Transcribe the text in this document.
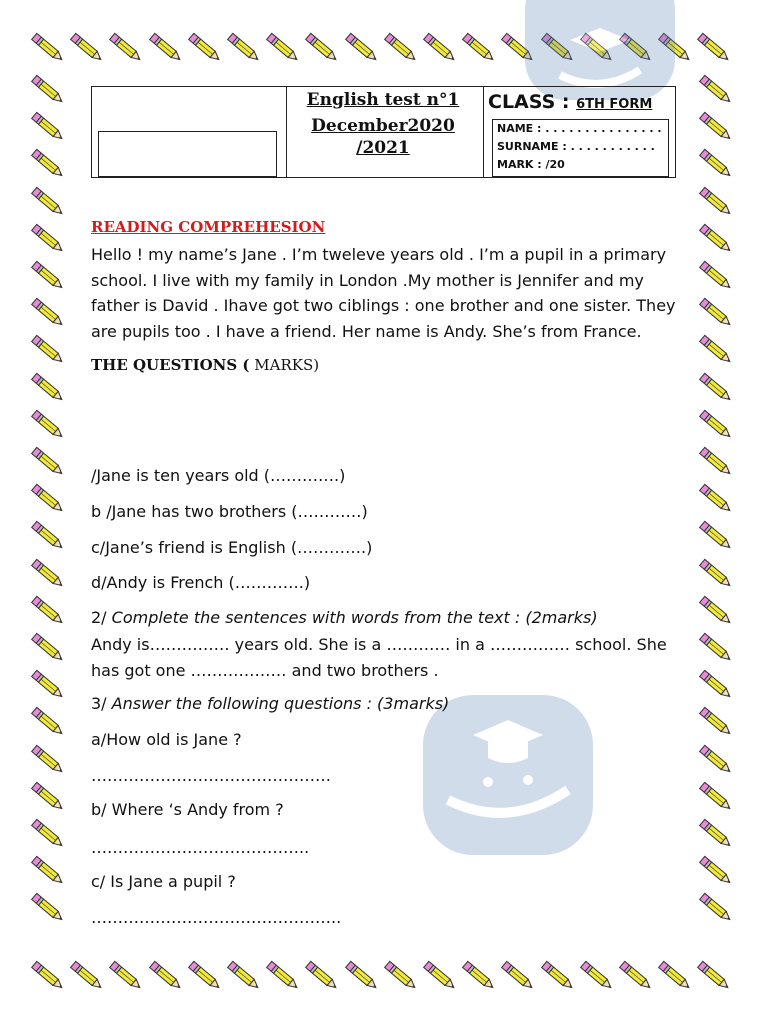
English test n°1
December2020 /2021
CLASS : 6TH FORM
NAME : . . . . . . . . . . . . . . .
SURNAME : . . . . . . . . . . .
MARK : /20
READING COMPREHESION

Hello ! my name’s Jane . I’m tweleve years old . I’m a pupil in a primary school. I live with my family in London .My mother is Jennifer and my father is David . Ihave got two ciblings : one brother and one sister. They are pupils too . I have a friend. Her name is Andy. She’s from France.

THE QUESTIONS ( MARKS)
/Jane is ten years old (………….)
b /Jane has two brothers (…………)
c/Jane’s friend is English (………….)
d/Andy is French (………….)
2/ Complete the sentences with words from the text : (2marks)
Andy is…………… years old. She is a ………… in a …………… school. She has got one ……………… and two brothers .
3/ Answer the following questions : (3marks)
a/How old is Jane ?
………………………………………
b/ Where ‘s Andy from ?
…………………………………..
c/ Is Jane a pupil ?
………………………………………..
